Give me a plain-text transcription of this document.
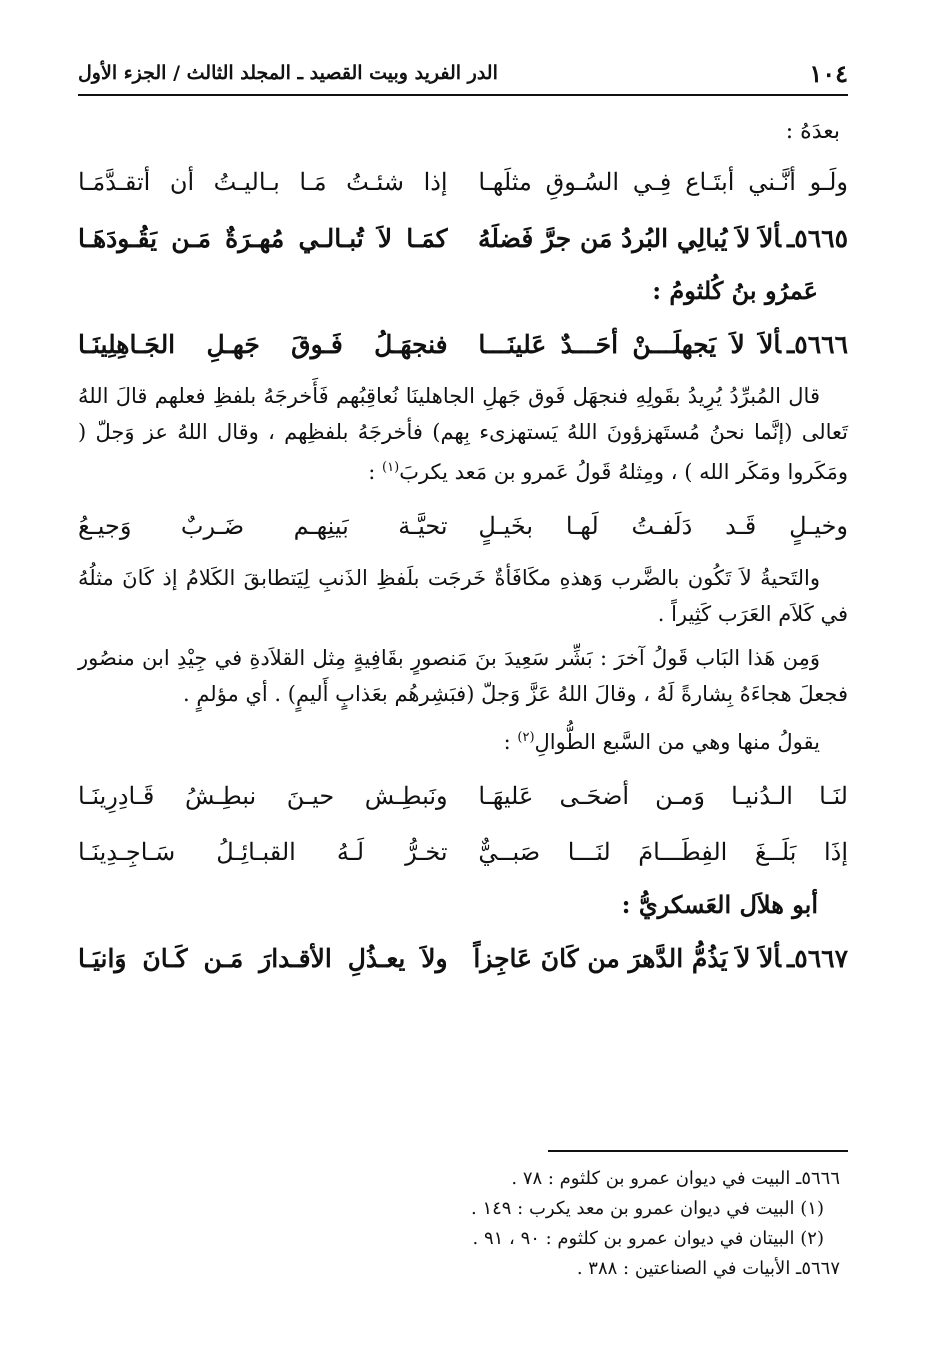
١٠٤
الدر الفريد وبيت القصيد ـ المجلد الثالث / الجزء الأول
بعدَهُ :
ولَـو أنَّـني أبتَـاع فِـي السُـوقِ مثلَهـا
إذا شئـتُ مَـا بـاليـتُ أن أتقـدَّمَـا
٥٦٦٥ـألاَ لاَ يُبالِي البُردُ مَن جرَّ فَضلَهُ
كمَـا لاَ تُبـالـي مُهـرَةٌ مَـن يَقُـودَهَـا
عَمرُو بنُ كُلثومُ :
٥٦٦٦ـألاَ لاَ يَجهلَـــنْ أحَـــدٌ عَلينَـــا
فنجهَـلُ فَـوقَ جَهـلِ الجَـاهِلِينَـا

قال المُبرِّدُ يُرِيدُ بقَولِهِ فنجهَل فَوق جَهلِ الجاهلينَا نُعاقِبُهم فَأَخرجَهُ بلفظِ فعلهم قالَ اللهُ تَعالى (إنَّما نحنُ مُستَهزؤونَ اللهُ يَستهزىء بِهم) فأخرجَهُ بلفظِهم ، وقال اللهُ عز وَجلّ ( ومَكَروا ومَكَر الله ) ، ومِثلهُ قَولُ عَمرو بن مَعد يكربَ$^{(١)}$ :

وخيـلٍ قَـد دَلَفـتُ لَهـا بخَيـلٍ
تحيَّـة بَينِهـم ضَـربٌ وَجيـعُ

والتَحيةُ لاَ تَكُون بالضَّرب وَهذهِ مكَافَأةٌ خَرجَت بلَفظِ الذَنبِ لِيَتطابقَ الكَلامُ إذ كَانَ مثلُهُ في كَلاَم العَرَب كَثِيراً .

وَمِن هَذا البَاب قَولُ آخرَ : بَشِّر سَعِيدَ بنَ مَنصورٍ بقَافِيةٍ مِثل القلاَدةِ في جِيْدِ ابن منصُور فجعلَ هجاءَهُ بِشارةً لَهُ ، وقالَ اللهُ عَزَّ وَجلّ (فبَشِرهُم بعَذابٍ أَليمٍ) . أي مؤلمٍ .

يقولُ منها وهي من السَّبع الطُّوالِ$^{(٢)}$ :

لنَـا الـدُنيـا وَمـن أضحَـى عَليهَـا
ونَبطِـش حيـنَ نبطِـشُ قَـادِرِينَـا
إذَا بَلَــغَ الفِطَـــامَ لنَـــا صَبــيٌّ
تخـرُّ لَـهُ القبـائِـلُ سَـاجِـدِينَـا
أبو هلاَل العَسكريُّ :
٥٦٦٧ـألاَ لاَ يَذُمُّ الدَّهرَ من كَانَ عَاجِزاً
ولاَ يعـذُلِ الأقـدارَ مَـن كَـانَ وَانيَـا
٥٦٦٦ـ البيت في ديوان عمرو بن كلثوم : ٧٨ .
(١) البيت في ديوان عمرو بن معد يكرب : ١٤٩ .
(٢) البيتان في ديوان عمرو بن كلثوم : ٩٠ ، ٩١ .
٥٦٦٧ـ الأبيات في الصناعتين : ٣٨٨ .
